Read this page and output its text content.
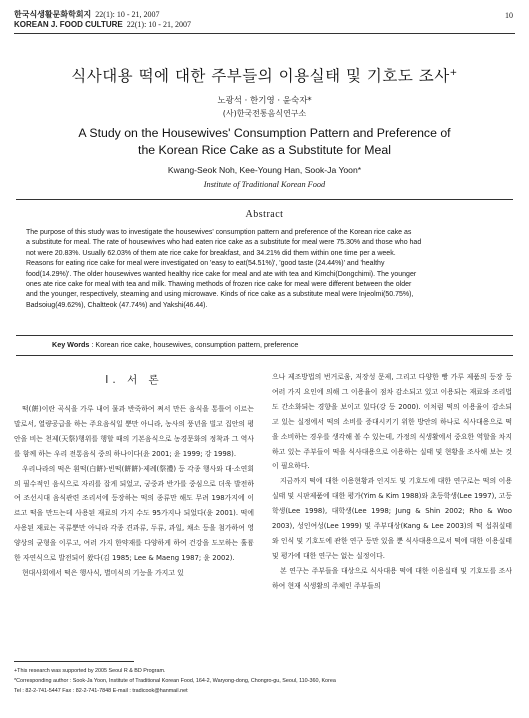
한국식생활문화학회지 22(1): 10 - 21, 2007
KOREAN J. FOOD CULTURE 22(1): 10 - 21, 2007
10
식사대용 떡에 대한 주부들의 이용실태 및 기호도 조사+
노광석 · 한기영 · 윤숙자*
(사)한국전통음식연구소
A Study on the Housewives' Consumption Pattern and Preference of
the Korean Rice Cake as a Substitute for Meal
Kwang-Seok Noh, Kee-Young Han, Sook-Ja Yoon*
Institute of Traditional Korean Food
Abstract
The purpose of this study was to investigate the housewives' consumption pattern and preference of the Korean rice cake as
a substitute for meal. The rate of housewives who had eaten rice cake as a substitute for meal were 75.30% and those who had
not were 20.83%. Usually 62.03% of them ate rice cake for breakfast, and 34.21% did them within one time per a week.
Reasons for eating rice cake for meal were investigated on 'easy to eat(54.51%)', 'good taste (24.44%)' and 'healthy
food(14.29%)'. The older housewives wanted healthy rice cake for meal and ate with tea and Kimchi(Dongchimi). The younger
ones ate rice cake for meal with tea and milk. Thawing methods of frozen rice cake for meal were different between the older
and the younger, respectively, steaming and using microwave. Kinds of rice cake as a substitute meal were Injeolmi(50.75%),
Badsoiug(49.62%), Chaltteok (47.74%) and Yakshi(46.44).
Key Words : Korean rice cake, housewives, consumption pattern, preference
Ⅰ. 서 론

떡(餠)이란 곡식을 가루 내어 물과 반죽하여 쪄서 만든 음식을 통틀어 이르는 말로서, 열량공급을 하는 주요음식일 뿐만 아니라, 농사의 풍년을 빌고 집안의 평안을 비는 천제(天祭)행위를 행할 때의 기본음식으로 농경문화의 정착과 그 역사를 함께 하는 우리 전통음식 중의 하나이다(윤 2001; 윤 1999; 강 1998).

우리나라의 떡은 흰떡(白餠)·빈떡(餠餠)·제례(祭禮) 등 각종 행사와 대·소연회의 필수적인 음식으로 자리를 잡게 되었고, 궁중과 반가를 중심으로 더욱 발전하여 조선시대 음식관련 조리서에 등장하는 떡의 종류만 해도 무려 198가지에 이르고 떡을 만드는데 사용된 재료의 가지 수도 95가지나 되었다(윤 2001). 떡에 사용된 재료는 곡류뿐만 아니라 각종 견과류, 두류, 과일, 채소 등을 첨가하여 영양상의 균형을 이루고, 여러 가지 한약재를 다양하게 하여 건강을 도모하는 훌륭한 자연식으로 발전되어 왔다(김 1985; Lee & Maeng 1987; 윤 2002).

현대사회에서 떡은 행사식, 별미식의 기능을 가지고 있

으나 제조방법의 번거로움, 저장성 문제, 그리고 다양한 빵 가루 제품의 등장 등 여러 가지 요인에 의해 그 이용율이 점차 감소되고 있고 이용되는 재료와 조리법도 간소화되는 경향을 보이고 있다(강 등 2000). 이처럼 떡의 이용율이 감소되고 있는 실정에서 떡의 소비를 증대시키기 위한 방안의 하나로 식사대용으로 떡을 소비하는 경우를 생각해 볼 수 있는데, 가정의 식생활에서 중요한 역할을 차지하고 있는 주부들이 떡을 식사대용으로 이용하는 실태 및 현황을 조사해 보는 것이 필요하다.

지금까지 떡에 대한 이용현황과 인지도 및 기호도에 대한 연구로는 떡의 이용실태 및 시판제품에 대한 평가(Yim & Kim 1988)와 초등학생(Lee 1997), 고등학생(Lee 1998), 대학생(Lee 1998; Jung & Shin 2002; Rho & Woo 2003), 성인여성(Lee 1999) 및 주부대상(Kang & Lee 2003)의 떡 섭취실태와 인식 및 기호도에 관한 연구 등만 있을 뿐 식사대용으로서 떡에 대한 이용실태 및 평가에 대한 연구는 없는 실정이다.

본 연구는 주부들을 대상으로 식사대용 떡에 대한 이용실태 및 기호도를 조사하여 현재 식생활의 주체인 주부들의

+This research was supported by 2005 Seoul R & BD Program.
*Corresponding author : Sook-Ja Yoon, Institute of Traditional Korean Food, 164-2, Waryong-dong, Chongro-gu, Seoul, 110-360, Korea
Tel : 82-2-741-5447 Fax : 82-2-741-7848 E-mail : tradicook@hanmail.net
